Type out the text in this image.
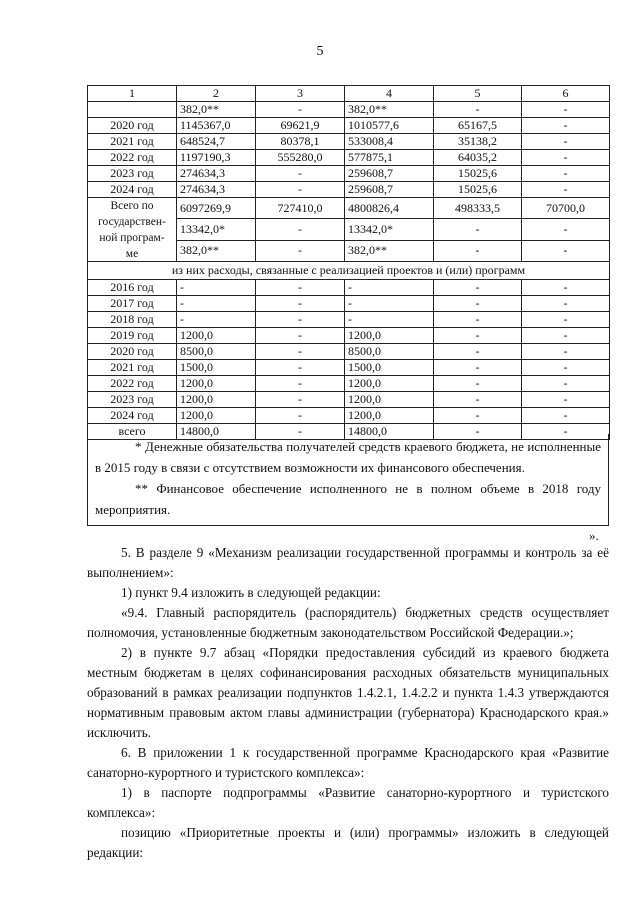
5
1	2	3	4	5	6
	382,0**	-	382,0**	-	-
2020 год	1145367,0	69621,9	1010577,6	65167,5	-
2021 год	648524,7	80378,1	533008,4	35138,2	-
2022 год	1197190,3	555280,0	577875,1	64035,2	-
2023 год	274634,3	-	259608,7	15025,6	-
2024 год	274634,3	-	259608,7	15025,6	-

Всего по
государствен-
ной програм-
ме	6097269,9	727410,0	4800826,4	498333,5	70700,0
	13342,0*	-	13342,0*	-	-
	382,0**	-	382,0**	-	-
из них расходы, связанные с реализацией проектов и (или) программ					
2016 год	-	-	-	-	-
2017 год	-	-	-	-	-
2018 год	-	-	-	-	-
2019 год	1200,0	-	1200,0	-	-
2020 год	8500,0	-	8500,0	-	-
2021 год	1500,0	-	1500,0	-	-
2022 год	1200,0	-	1200,0	-	-
2023 год	1200,0	-	1200,0	-	-
2024 год	1200,0	-	1200,0	-	-
всего	14800,0	-	14800,0	-	-

* Денежные обязательства получателей средств краевого бюджета, не исполненные в 2015 году в связи с отсутствием возможности их финансового обеспечения.

** Финансовое обеспечение исполненного не в полном объеме в 2018 году мероприятия.

».

5. В разделе 9 «Механизм реализации государственной программы и контроль за её выполнением»:

1) пункт 9.4 изложить в следующей редакции:

«9.4. Главный распорядитель (распорядитель) бюджетных средств осуществляет полномочия, установленные бюджетным законодательством Российской Федерации.»;

2) в пункте 9.7 абзац «Порядки предоставления субсидий из краевого бюджета местным бюджетам в целях софинансирования расходных обязательств муниципальных образований в рамках реализации подпунктов 1.4.2.1, 1.4.2.2 и пункта 1.4.3 утверждаются нормативным правовым актом главы администрации (губернатора) Краснодарского края.» исключить.

6. В приложении 1 к государственной программе Краснодарского края «Развитие санаторно-курортного и туристского комплекса»:

1) в паспорте подпрограммы «Развитие санаторно-курортного и туристского комплекса»:

позицию «Приоритетные проекты и (или) программы» изложить в следующей редакции:
